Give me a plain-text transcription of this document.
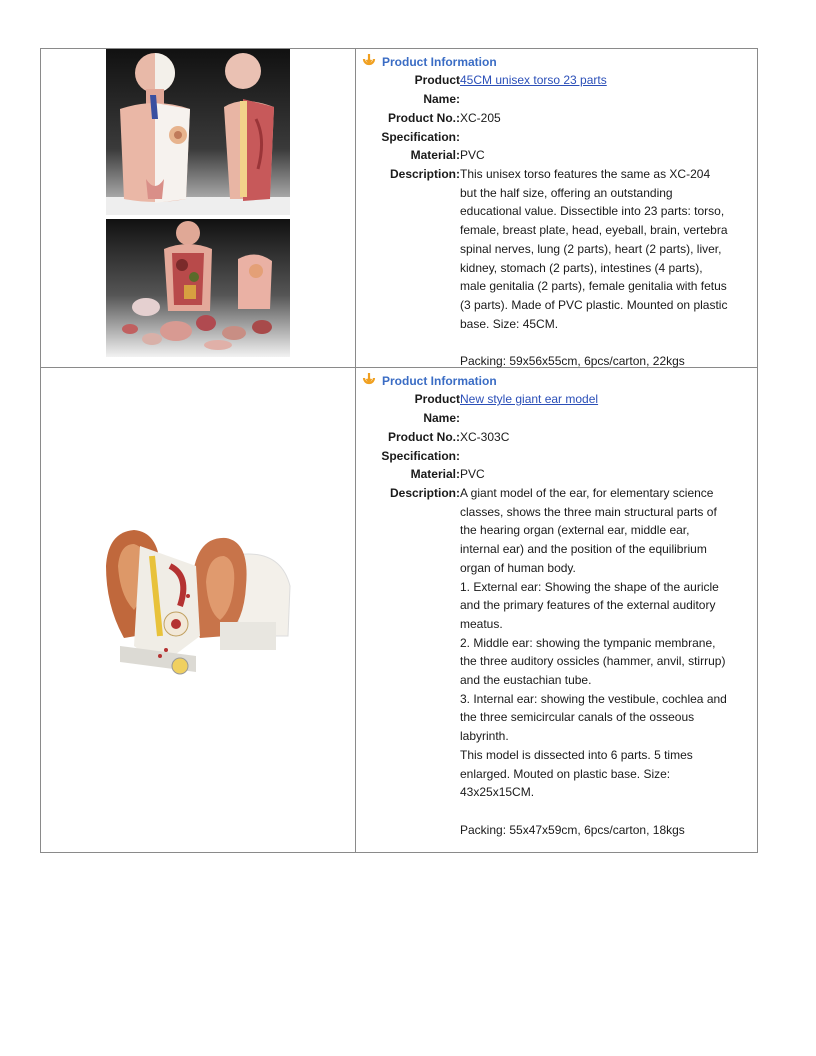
Product Information
Product
Name:
45CM unisex torso 23 parts
Product No.: XC-205
Specification:
Material: PVC
Description: This unisex torso features the same as XC-204
but the half size, offering an outstanding
educational value. Dissectible into 23 parts: torso,
female, breast plate, head, eyeball, brain, vertebra
spinal nerves, lung (2 parts), heart (2 parts), liver,
kidney, stomach (2 parts), intestines (4 parts),
male genitalia (2 parts), female genitalia with fetus
(3 parts). Made of PVC plastic. Mounted on plastic
base. Size: 45CM.

Packing: 59x56x55cm, 6pcs/carton, 22kgs
Product Information
Product
Name:
New style giant ear model
Product No.: XC-303C
Specification:
Material: PVC
Description: A giant model of the ear, for elementary science
classes, shows the three main structural parts of
the hearing organ (external ear, middle ear,
internal ear) and the position of the equilibrium
organ of human body.
1. External ear: Showing the shape of the auricle
and the primary features of the external auditory
meatus.
2. Middle ear: showing the tympanic membrane,
the three auditory ossicles (hammer, anvil, stirrup)
and the eustachian tube.
3. Internal ear: showing the vestibule, cochlea and
the three semicircular canals of the osseous
labyrinth.
This model is dissected into 6 parts. 5 times
enlarged. Mouted on plastic base. Size:
43x25x15CM.

Packing: 55x47x59cm, 6pcs/carton, 18kgs
